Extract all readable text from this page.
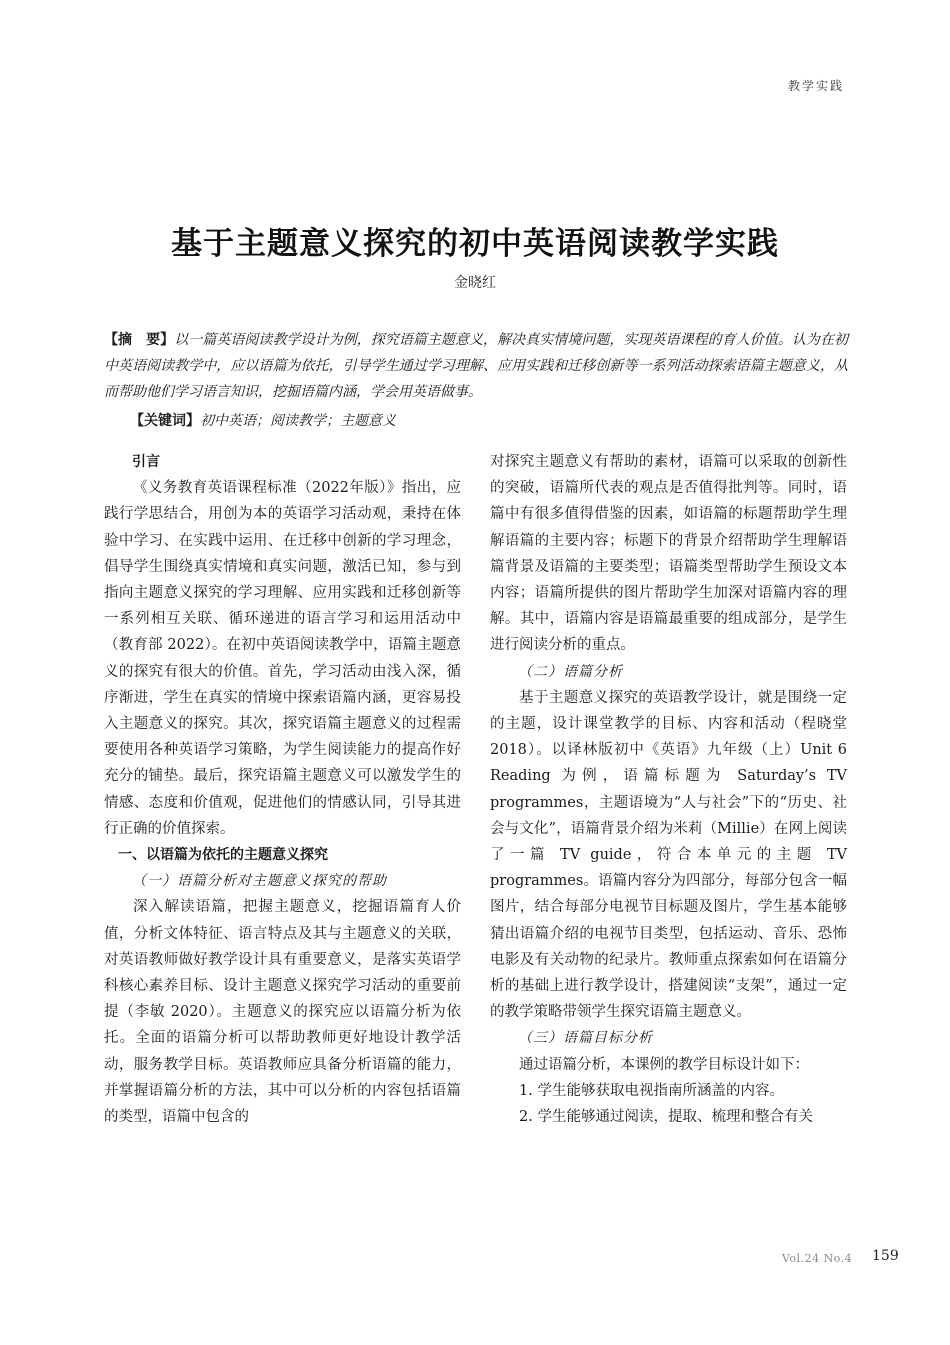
教学实践
基于主题意义探究的初中英语阅读教学实践
金晓红
【摘　要】以一篇英语阅读教学设计为例，探究语篇主题意义，解决真实情境问题，实现英语课程的育人价值。认为在初中英语阅读教学中，应以语篇为依托，引导学生通过学习理解、应用实践和迁移创新等一系列活动探索语篇主题意义，从而帮助他们学习语言知识，挖掘语篇内涵，学会用英语做事。
【关键词】初中英语；阅读教学；主题意义

引言

《义务教育英语课程标准（2022年版）》指出，应践行学思结合，用创为本的英语学习活动观，秉持在体验中学习、在实践中运用、在迁移中创新的学习理念，倡导学生围绕真实情境和真实问题，激活已知，参与到指向主题意义探究的学习理解、应用实践和迁移创新等一系列相互关联、循环递进的语言学习和运用活动中（教育部 2022）。在初中英语阅读教学中，语篇主题意义的探究有很大的价值。首先，学习活动由浅入深，循序渐进，学生在真实的情境中探索语篇内涵，更容易投入主题意义的探究。其次，探究语篇主题意义的过程需要使用各种英语学习策略，为学生阅读能力的提高作好充分的铺垫。最后，探究语篇主题意义可以激发学生的情感、态度和价值观，促进他们的情感认同，引导其进行正确的价值探索。

一、以语篇为依托的主题意义探究

（一）语篇分析对主题意义探究的帮助

深入解读语篇，把握主题意义，挖掘语篇育人价值，分析文体特征、语言特点及其与主题意义的关联，对英语教师做好教学设计具有重要意义，是落实英语学科核心素养目标、设计主题意义探究学习活动的重要前提（李敏 2020）。主题意义的探究应以语篇分析为依托。全面的语篇分析可以帮助教师更好地设计教学活动，服务教学目标。英语教师应具备分析语篇的能力，并掌握语篇分析的方法，其中可以分析的内容包括语篇的类型，语篇中包含的

对探究主题意义有帮助的素材，语篇可以采取的创新性的突破，语篇所代表的观点是否值得批判等。同时，语篇中有很多值得借鉴的因素，如语篇的标题帮助学生理解语篇的主要内容；标题下的背景介绍帮助学生理解语篇背景及语篇的主要类型；语篇类型帮助学生预设文本内容；语篇所提供的图片帮助学生加深对语篇内容的理解。其中，语篇内容是语篇最重要的组成部分，是学生进行阅读分析的重点。

（二）语篇分析

基于主题意义探究的英语教学设计，就是围绕一定的主题，设计课堂教学的目标、内容和活动（程晓堂 2018）。以译林版初中《英语》九年级（上）Unit 6 Reading 为例，语篇标题为 Saturday’s TV programmes，主题语境为“人与社会”下的“历史、社会与文化”，语篇背景介绍为米莉（Millie）在网上阅读了一篇 TV guide，符合本单元的主题 TV programmes。语篇内容分为四部分，每部分包含一幅图片，结合每部分电视节目标题及图片，学生基本能够猜出语篇介绍的电视节目类型，包括运动、音乐、恐怖电影及有关动物的纪录片。教师重点探索如何在语篇分析的基础上进行教学设计，搭建阅读“支架”，通过一定的教学策略带领学生探究语篇主题意义。

（三）语篇目标分析

通过语篇分析，本课例的教学目标设计如下：

1. 学生能够获取电视指南所涵盖的内容。

2. 学生能够通过阅读，提取、梳理和整合有关

Vol.24 No.4 159
